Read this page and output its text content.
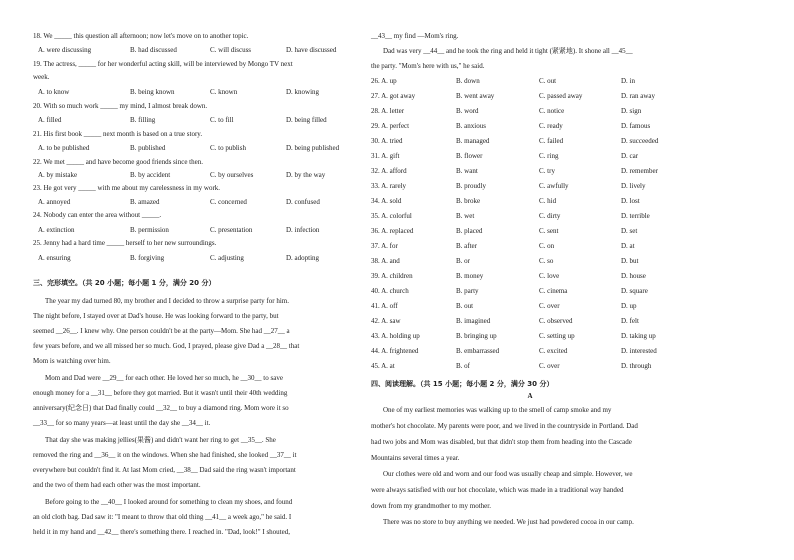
18. We _____ this question all afternoon; now let's move on to another topic.
A. were discussing	B. had discussed	C. will discuss	D. have discussed
19. The actress, _____ for her wonderful acting skill, will be interviewed by Mongo TV next
week.
A. to know	B. being known	C. known	D. knowing
20. With so much work _____ my mind, I almost break down.
A. filled	B. filling	C. to fill	D. being filled
21. His first book _____ next month is based on a true story.
A. to be published	B. published	C. to publish	D. being published
22. We met _____ and have become good friends since then.
A. by mistake	B. by accident	C. by ourselves	D. by the way
23. He got very _____ with me about my carelessness in my work.
A. annoyed	B. amazed	C. concerned	D. confused
24. Nobody can enter the area without _____.
A. extinction	B. permission	C. presentation	D. infection
25. Jenny had a hard time _____ herself to her new surroundings.
A. ensuring	B. forgiving	C. adjusting	D. adopting
三、完形填空。（共 20 小题；每小题 1 分，满分 20 分）
The year my dad turned 80, my brother and I decided to throw a surprise party for him.
The night before, I stayed over at Dad's house. He was looking forward to the party, but
seemed __26__. I knew why. One person couldn't be at the party—Mom. She had __27__ a
few years before, and we all missed her so much. God, I prayed, please give Dad a __28__ that
Mom is watching over him.
Mom and Dad were __29__ for each other. He loved her so much, he __30__ to save
enough money for a __31__ before they got married. But it wasn't until their 40th wedding
anniversary(纪念日) that Dad finally could __32__ to buy a diamond ring. Mom wore it so
__33__ for so many years—at least until the day she __34__ it.
That day she was making jellies(果酱) and didn't want her ring to get __35__. She
removed the ring and __36__ it on the windows. When she had finished, she looked __37__ it
everywhere but couldn't find it. At last Mom cried, __38__ Dad said the ring wasn't important
and the two of them had each other was the most important.
Before going to the __40__ I looked around for something to clean my shoes, and found
an old cloth bag. Dad saw it: "I meant to throw that old thing __41__ a week ago," he said. I
held it in my hand and __42__ there's something there. I reached in. "Dad, look!" I shouted,
__43__ my find —Mom's ring.
Dad was very __44__ and he took the ring and held it tight (紧紧地). It shone all __45__
the party. "Mom's here with us," he said.
26. A. up	B. down	C. out	D. in
27. A. got away	B. went away	C. passed away	D. ran away
28. A. letter	B. word	C. notice	D. sign
29. A. perfect	B. anxious	C. ready	D. famous
30. A. tried	B. managed	C. failed	D. succeeded
31. A. gift	B. flower	C. ring	D. car
32. A. afford	B. want	C. try	D. remember
33. A. rarely	B. proudly	C. awfully	D. lively
34. A. sold	B. broke	C. hid	D. lost
35. A. colorful	B. wet	C. dirty	D. terrible
36. A. replaced	B. placed	C. sent	D. set
37. A. for	B. after	C. on	D. at
38. A. and	B. or	C. so	D. but
39. A. children	B. money	C. love	D. house
40. A. church	B. party	C. cinema	D. square
41. A. off	B. out	C. over	D. up
42. A. saw	B. imagined	C. observed	D. felt
43. A. holding up	B. bringing up	C. setting up	D. taking up
44. A. frightened	B. embarrassed	C. excited	D. interested
45. A. at	B. of	C. over	D. through
四、阅读理解。（共 15 小题；每小题 2 分，满分 30 分）
A
One of my earliest memories was walking up to the smell of camp smoke and my
mother's hot chocolate. My parents were poor, and we lived in the countryside in Portland. Dad
had two jobs and Mom was disabled, but that didn't stop them from heading into the Cascade
Mountains several times a year.
Our clothes were old and worn and our food was usually cheap and simple. However, we
were always satisfied with our hot chocolate, which was made in a traditional way handed
down from my grandmother to my mother.
There was no store to buy anything we needed. We just had powdered cocoa in our camp.
